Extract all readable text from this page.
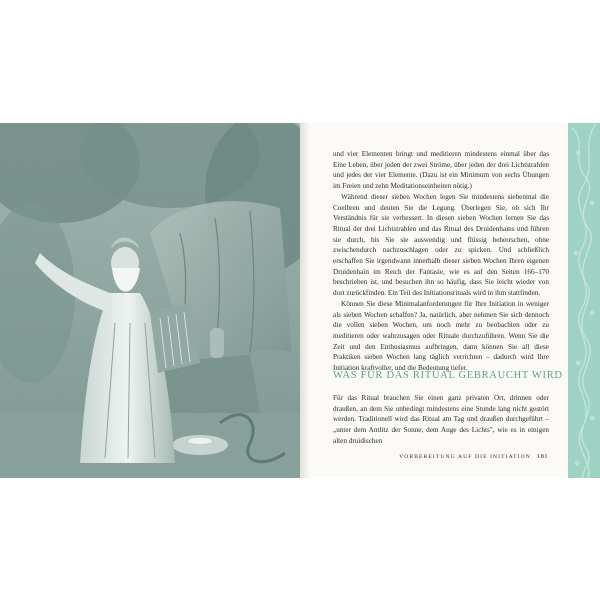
und vier Elementen bringt und meditieren mindestens einmal über das Eine Leben, über jeden der zwei Ströme, über jeden der drei Lichtstrahlen und jedes der vier Elemente. (Dazu ist ein Minimum von sechs Übungen im Freien und zehn Meditationseinheiten nötig.)

Während dieser sieben Wochen legen Sie mindestens siebenmal die Coelbren und deuten Sie die Legung. Überlegen Sie, ob sich Ihr Verständnis für sie verbessert. In diesen sieben Wochen lernen Sie das Ritual der drei Lichtstrahlen und das Ritual des Druidenhains und führen sie durch, bis Sie sie auswendig und flüssig beherrschen, ohne zwischendurch nachzuschlagen oder zu spicken. Und schließlich erschaffen Sie irgendwann innerhalb dieser sieben Wochen Ihren eigenen Druidenhain im Reich der Fantasie, wie es auf den Seiten 166–170 beschrieben ist, und besuchen ihn so häufig, dass Sie leicht wieder von dort zurückfinden. Ein Teil des Initiationsrituals wird in ihm stattfinden.

Können Sie diese Minimalanforderungen für Ihre Initiation in weniger als sieben Wochen schaffen? Ja, natürlich, aber nehmen Sie sich dennoch die vollen sieben Wochen, um noch mehr zu beobachten oder zu meditieren oder wahrzusagen oder Rituale durchzuführen. Wenn Sie die Zeit und den Enthusiasmus aufbringen, dann können Sie all diese Praktiken sieben Wochen lang täglich verrichten – dadurch wird Ihre Initiation kraftvoller, und die Bedeutung tiefer.

WAS FÜR DAS RITUAL GEBRAUCHT WIRD

Für das Ritual brauchen Sie einen ganz privaten Ort, drinnen oder draußen, an dem Sie unbedingt mindestens eine Stunde lang nicht gestört werden. Traditionell wird das Ritual am Tag und draußen durchgeführt – „unter dem Antlitz der Sonne, dem Auge des Lichts", wie es in einigen alten druidischen

VORBEREITUNG AUF DIE INITIATION 181
